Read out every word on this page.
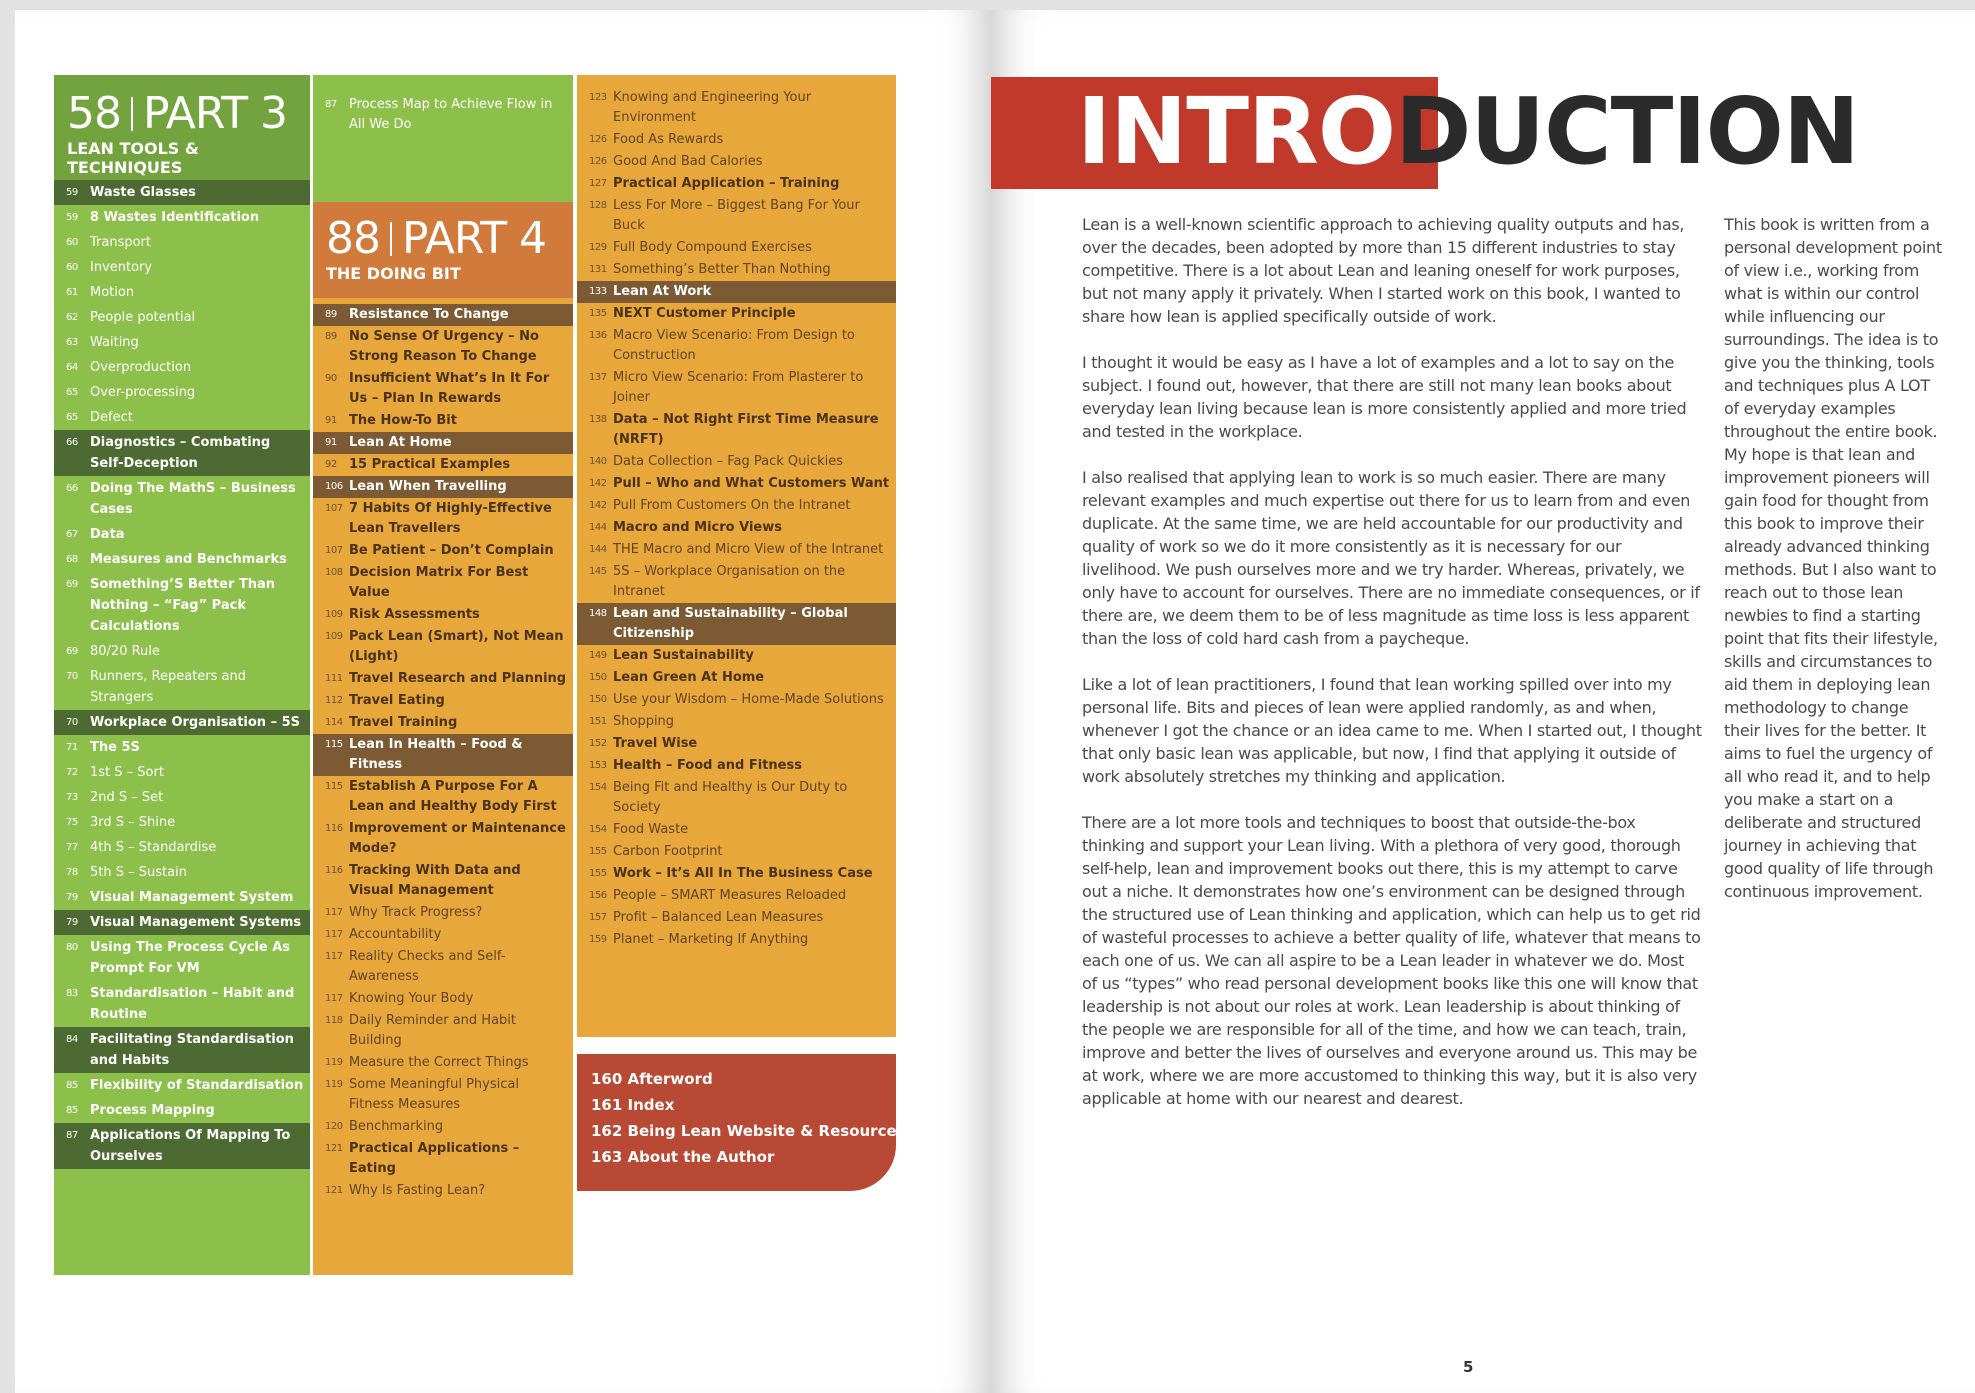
58 PART 3
LEAN TOOLS & TECHNIQUES
59 Waste Glasses
59 8 Wastes Identification
60 Transport
60 Inventory
61 Motion
62 People potential
63 Waiting
64 Overproduction
65 Over-processing
65 Defect
66 Diagnostics – Combating Self-Deception
66 Doing The MathS – Business Cases
67 Data
68 Measures and Benchmarks
69 Something’S Better Than Nothing – “Fag” Pack Calculations
69 80/20 Rule
70 Runners, Repeaters and Strangers
70 Workplace Organisation – 5S
71 The 5S
72 1st S – Sort
73 2nd S – Set
75 3rd S – Shine
77 4th S – Standardise
78 5th S – Sustain
79 Visual Management System
79 Visual Management Systems
80 Using The Process Cycle As Prompt For VM
83 Standardisation – Habit and Routine
84 Facilitating Standardisation and Habits
85 Flexibility of Standardisation
85 Process Mapping
87 Applications Of Mapping To Ourselves
87 Process Map to Achieve Flow in All We Do
88 PART 4
THE DOING BIT
89 Resistance To Change
89 No Sense Of Urgency – No Strong Reason To Change
90 Insufficient What’s In It For Us – Plan In Rewards
91 The How-To Bit
91 Lean At Home
92 15 Practical Examples
106 Lean When Travelling
107 7 Habits Of Highly-Effective Lean Travellers
107 Be Patient – Don’t Complain
108 Decision Matrix For Best Value
109 Risk Assessments
109 Pack Lean (Smart), Not Mean (Light)
111 Travel Research and Planning
112 Travel Eating
114 Travel Training
115 Lean In Health – Food & Fitness
115 Establish A Purpose For A Lean and Healthy Body First
116 Improvement or Maintenance Mode?
116 Tracking With Data and Visual Management
117 Why Track Progress?
117 Accountability
117 Reality Checks and Self-Awareness
117 Knowing Your Body
118 Daily Reminder and Habit Building
119 Measure the Correct Things
119 Some Meaningful Physical Fitness Measures
120 Benchmarking
121 Practical Applications – Eating
121 Why Is Fasting Lean?
123 Knowing and Engineering Your Environment
126 Food As Rewards
126 Good And Bad Calories
127 Practical Application – Training
128 Less For More – Biggest Bang For Your Buck
129 Full Body Compound Exercises
131 Something’s Better Than Nothing
133 Lean At Work
135 NEXT Customer Principle
136 Macro View Scenario: From Design to Construction
137 Micro View Scenario: From Plasterer to Joiner
138 Data – Not Right First Time Measure (NRFT)
140 Data Collection – Fag Pack Quickies
142 Pull – Who and What Customers Want
142 Pull From Customers On the Intranet
144 Macro and Micro Views
144 THE Macro and Micro View of the Intranet
145 5S – Workplace Organisation on the Intranet
148 Lean and Sustainability – Global Citizenship
149 Lean Sustainability
150 Lean Green At Home
150 Use your Wisdom – Home-Made Solutions
151 Shopping
152 Travel Wise
153 Health – Food and Fitness
154 Being Fit and Healthy is Our Duty to Society
154 Food Waste
155 Carbon Footprint
155 Work – It’s All In The Business Case
156 People – SMART Measures Reloaded
157 Profit – Balanced Lean Measures
159 Planet – Marketing If Anything
160 Afterword
161 Index
162 Being Lean Website & Resources
163 About the Author
INTRODUCTION

Lean is a well-known scientific approach to achieving quality outputs and has, over the decades, been adopted by more than 15 different industries to stay competitive. There is a lot about Lean and leaning oneself for work purposes, but not many apply it privately. When I started work on this book, I wanted to share how lean is applied specifically outside of work.

I thought it would be easy as I have a lot of examples and a lot to say on the subject. I found out, however, that there are still not many lean books about everyday lean living because lean is more consistently applied and more tried and tested in the workplace.

I also realised that applying lean to work is so much easier. There are many relevant examples and much expertise out there for us to learn from and even duplicate. At the same time, we are held accountable for our productivity and quality of work so we do it more consistently as it is necessary for our livelihood. We push ourselves more and we try harder. Whereas, privately, we only have to account for ourselves. There are no immediate consequences, or if there are, we deem them to be of less magnitude as time loss is less apparent than the loss of cold hard cash from a paycheque.

Like a lot of lean practitioners, I found that lean working spilled over into my personal life. Bits and pieces of lean were applied randomly, as and when, whenever I got the chance or an idea came to me. When I started out, I thought that only basic lean was applicable, but now, I find that applying it outside of work absolutely stretches my thinking and application.

There are a lot more tools and techniques to boost that outside-the-box thinking and support your Lean living. With a plethora of very good, thorough self-help, lean and improvement books out there, this is my attempt to carve out a niche. It demonstrates how one’s environment can be designed through the structured use of Lean thinking and application, which can help us to get rid of wasteful processes to achieve a better quality of life, whatever that means to each one of us. We can all aspire to be a Lean leader in whatever we do. Most of us “types” who read personal development books like this one will know that leadership is not about our roles at work. Lean leadership is about thinking of the people we are responsible for all of the time, and how we can teach, train, improve and better the lives of ourselves and everyone around us. This may be at work, where we are more accustomed to thinking this way, but it is also very applicable at home with our nearest and dearest.

This book is written from a personal development point of view i.e., working from what is within our control while influencing our surroundings. The idea is to give you the thinking, tools and techniques plus A LOT of everyday examples throughout the entire book. My hope is that lean and improvement pioneers will gain food for thought from this book to improve their already advanced thinking methods. But I also want to reach out to those lean newbies to find a starting point that fits their lifestyle, skills and circumstances to aid them in deploying lean methodology to change their lives for the better. It aims to fuel the urgency of all who read it, and to help you make a start on a deliberate and structured journey in achieving that good quality of life through continuous improvement.
5
